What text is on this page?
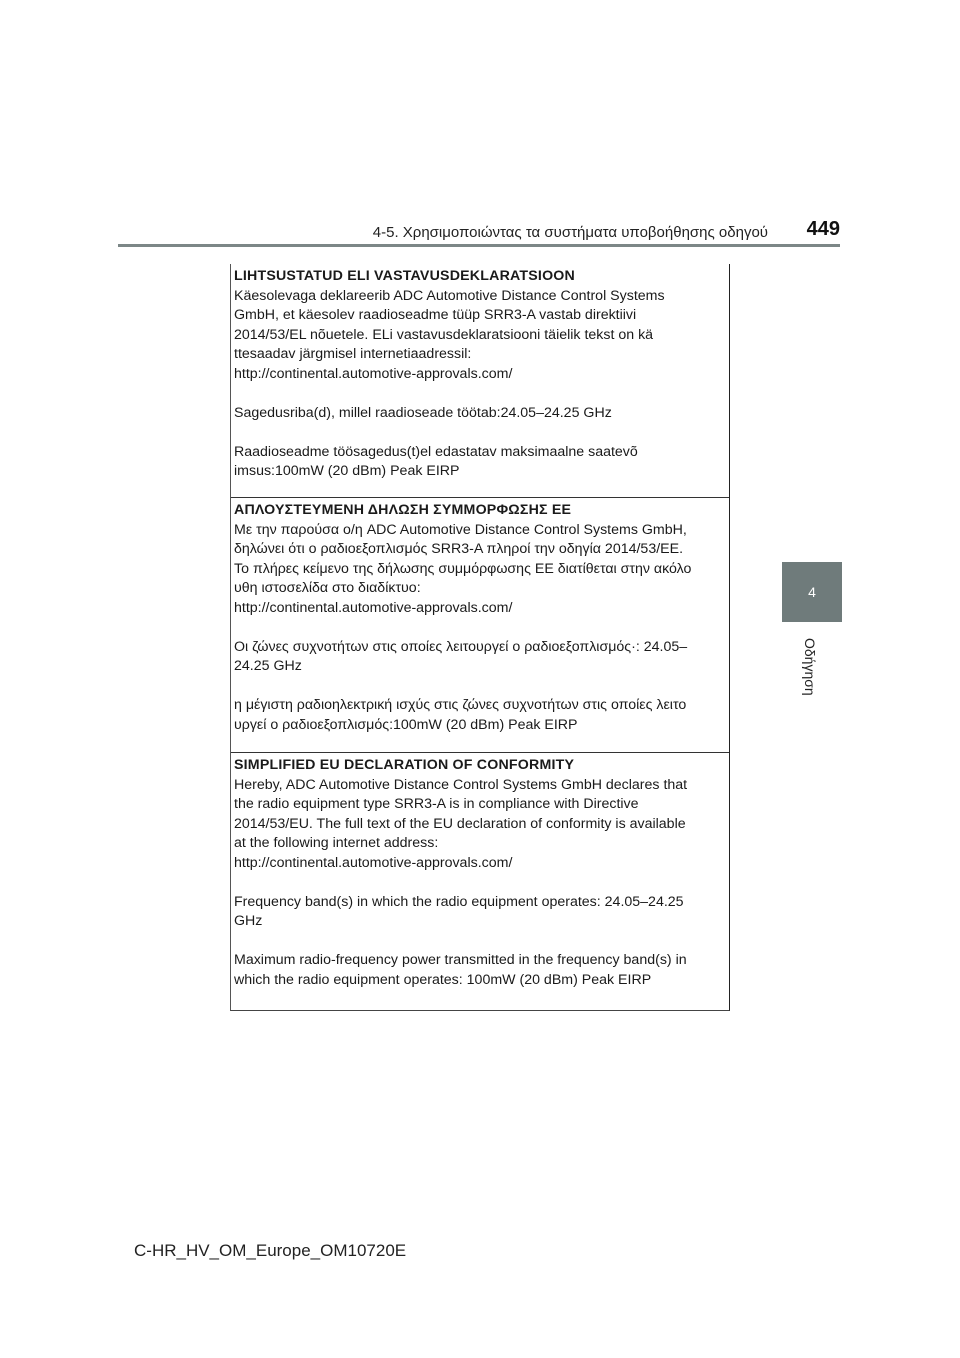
4-5. Χρησιμοποιώντας τα συστήματα υποβοήθησης οδηγού 449
4
Οδήγηση
LIHTSUSTATUD ELI VASTAVUSDEKLARATSIOON
Käesolevaga deklareerib ADC Automotive Distance Control Systems
GmbH, et käesolev raadioseadme tüüp SRR3-A vastab direktiivi
2014/53/EL nõuetele. ELi vastavusdeklaratsiooni täielik tekst on kä
ttesaadav järgmisel internetiaadressil:
http://continental.automotive-approvals.com/
Sagedusriba(d), millel raadioseade töötab:24.05–24.25 GHz
Raadioseadme töösagedus(t)el edastatav maksimaalne saatevõ
imsus:100mW (20 dBm) Peak EIRP
ΑΠΛΟΥΣΤΕΥΜΕΝΗ ΔΗΛΩΣΗ ΣΥΜΜΟΡΦΩΣΗΣ ΕΕ
Με την παρούσα ο/η ADC Automotive Distance Control Systems GmbH,
δηλώνει ότι ο ραδιοεξοπλισμός SRR3-A πληροί την οδηγία 2014/53/ΕΕ.
Το πλήρες κείμενο της δήλωσης συμμόρφωσης ΕΕ διατίθεται στην ακόλο
υθη ιστοσελίδα στο διαδίκτυο:
http://continental.automotive-approvals.com/
Οι ζώνες συχνοτήτων στις οποίες λειτουργεί ο ραδιοεξοπλισμός·: 24.05–
24.25 GHz
η μέγιστη ραδιοηλεκτρική ισχύς στις ζώνες συχνοτήτων στις οποίες λειτο
υργεί ο ραδιοεξοπλισμός:100mW (20 dBm) Peak EIRP
SIMPLIFIED EU DECLARATION OF CONFORMITY
Hereby, ADC Automotive Distance Control Systems GmbH declares that
the radio equipment type SRR3-A is in compliance with Directive
2014/53/EU. The full text of the EU declaration of conformity is available
at the following internet address:
http://continental.automotive-approvals.com/
Frequency band(s) in which the radio equipment operates: 24.05–24.25
GHz
Maximum radio-frequency power transmitted in the frequency band(s) in
which the radio equipment operates: 100mW (20 dBm) Peak EIRP
C-HR_HV_OM_Europe_OM10720E
